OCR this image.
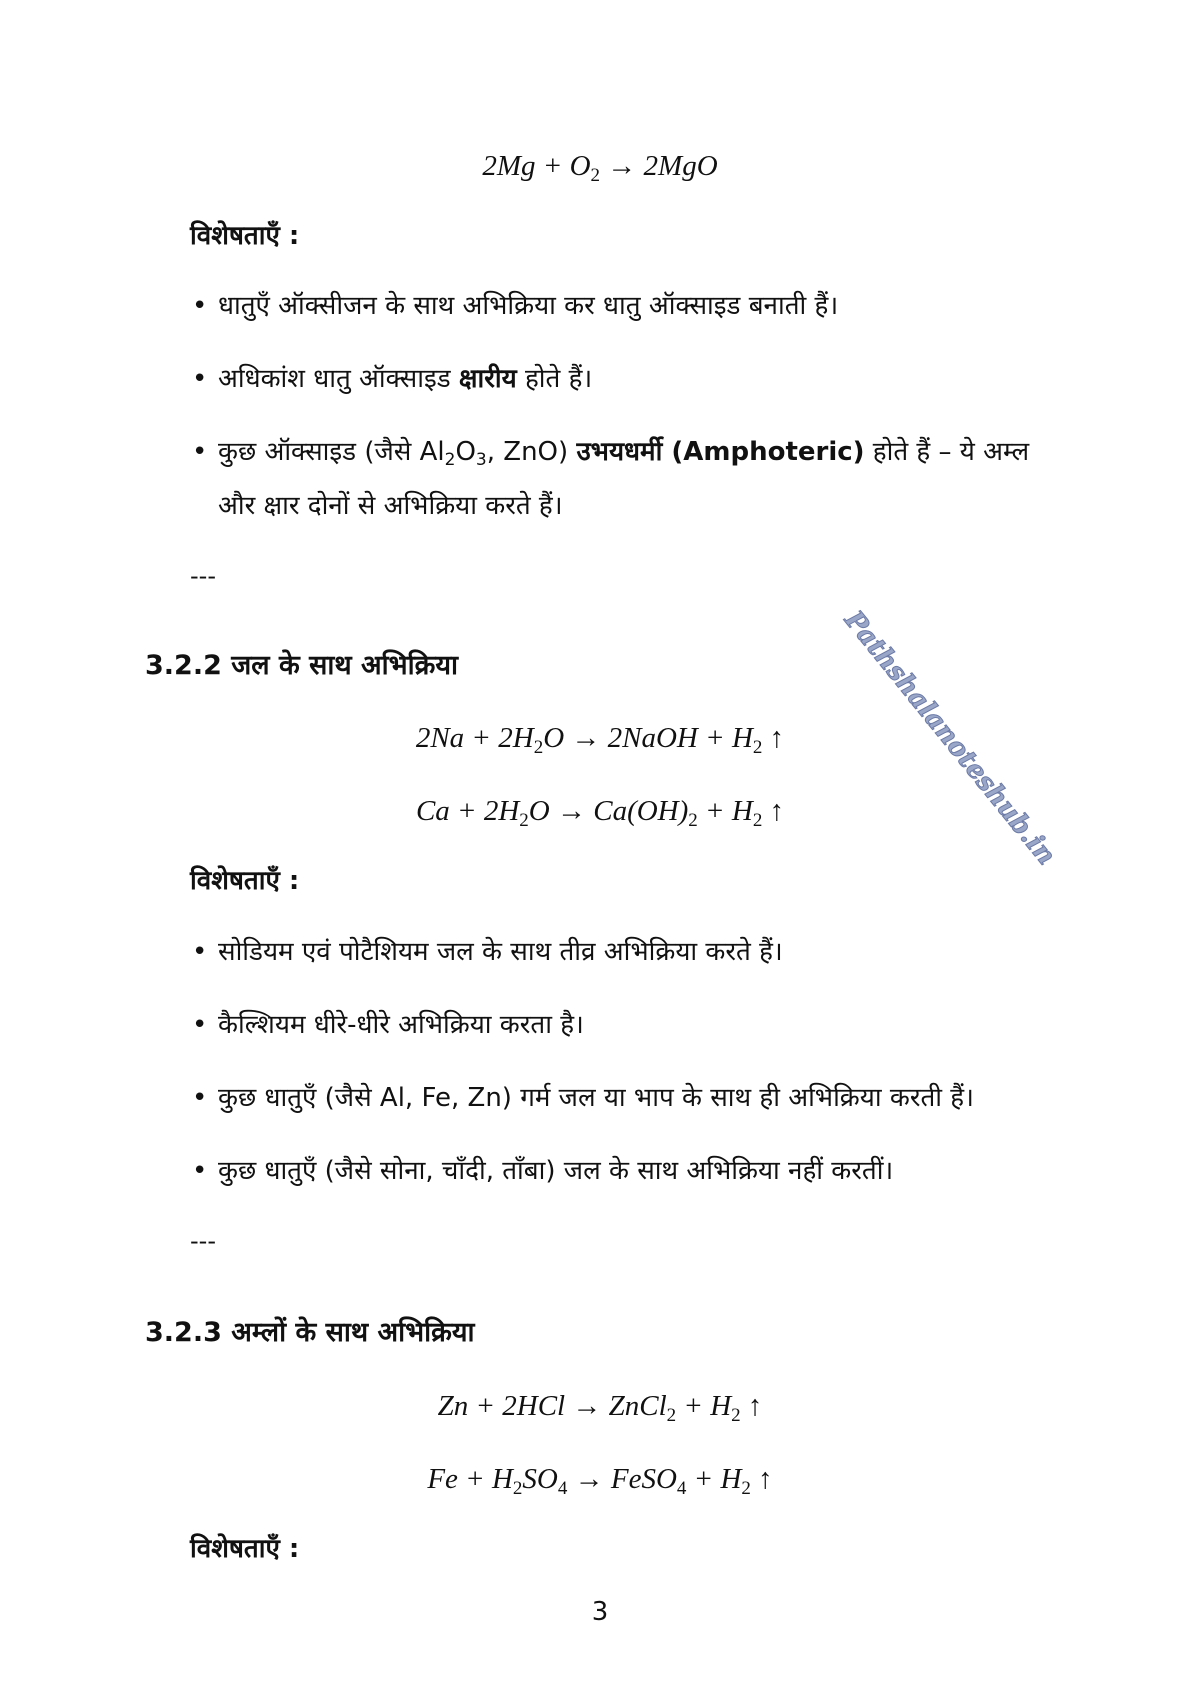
$2Mg + O_2 \to 2MgO$
विशेषताएँ :
• धातुएँ ऑक्सीजन के साथ अभिक्रिया कर धातु ऑक्साइड बनाती हैं।
• अधिकांश धातु ऑक्साइड क्षारीय होते हैं।
• कुछ ऑक्साइड (जैसे $Al_2O_3$, ZnO) उभयधर्मी (Amphoteric) होते हैं – ये अम्ल
और क्षार दोनों से अभिक्रिया करते हैं।
---
3.2.2 जल के साथ अभिक्रिया
$2Na + 2H_2O$ → 2NaOH + $H_2$ ↑
$Ca + 2H_2O \to Ca(OH)_2 + H_2$ ↑
विशेषताएँ :
• सोडियम एवं पोटैशियम जल के साथ तीव्र अभिक्रिया करते हैं।
• कैल्शियम धीरे-धीरे अभिक्रिया करता है।
• कुछ धातुएँ (जैसे Al, Fe, Zn) गर्म जल या भाप के साथ ही अभिक्रिया करती हैं।
• कुछ धातुएँ (जैसे सोना, चाँदी, ताँबा) जल के साथ अभिक्रिया नहीं करतीं।
---
3.2.3 अम्लों के साथ अभिक्रिया
Zn + 2HCl → ZnCl$_2$ + $H_2$ ↑
$Fe + H_2SO_4$ → FeSO$_4$ + $H_2$ ↑
विशेषताएँ :
3
Pathshalanoteshub.in
